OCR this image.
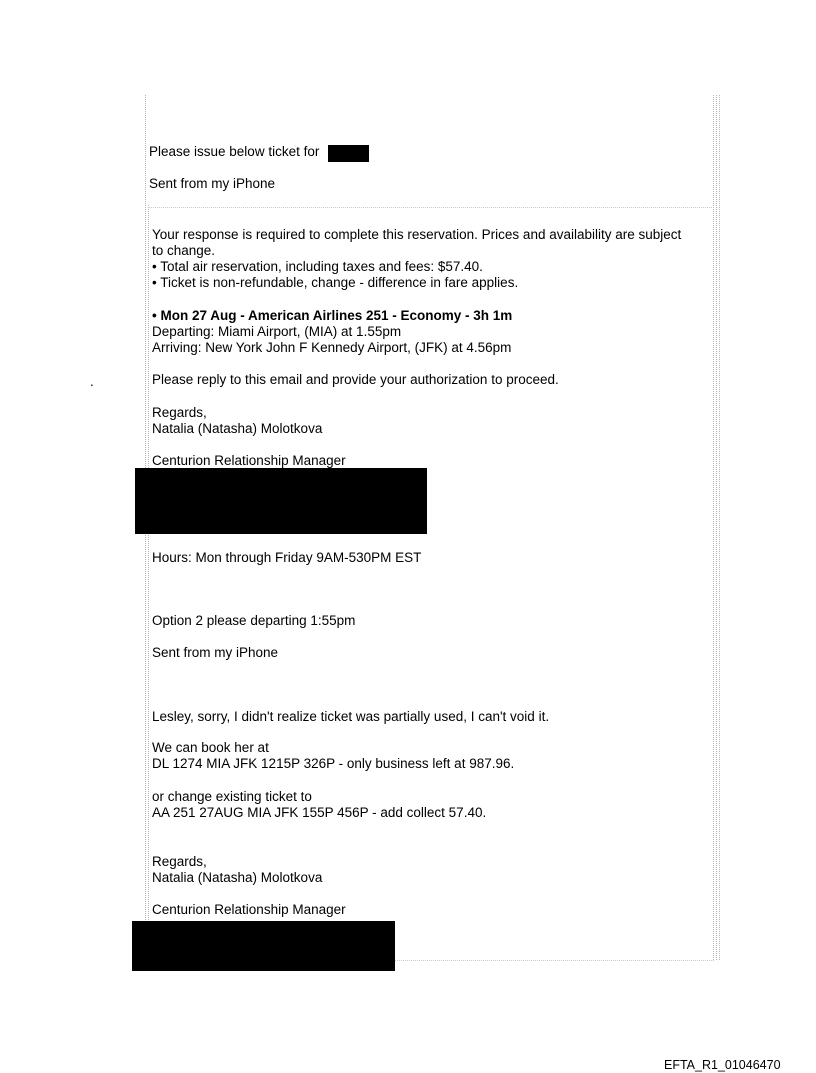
Please issue below ticket for
Sent from my iPhone
Your response is required to complete this reservation. Prices and availability are subject
to change.
• Total air reservation, including taxes and fees: $57.40.
• Ticket is non-refundable, change - difference in fare applies.
• Mon 27 Aug - American Airlines 251 - Economy - 3h 1m
Departing: Miami Airport, (MIA) at 1.55pm
Arriving: New York John F Kennedy Airport, (JFK) at 4.56pm
.	Please reply to this email and provide your authorization to proceed.
Regards,
Natalia (Natasha) Molotkova
Centurion Relationship Manager
Hours: Mon through Friday 9AM-530PM EST
Option 2 please departing 1:55pm
Sent from my iPhone
Lesley, sorry, I didn't realize ticket was partially used, I can't void it.
We can book her at
DL 1274 MIA JFK 1215P 326P - only business left at 987.96.
or change existing ticket to
AA 251 27AUG MIA JFK 155P 456P - add collect 57.40.
Regards,
Natalia (Natasha) Molotkova
Centurion Relationship Manager
EFTA_R1_01046470
